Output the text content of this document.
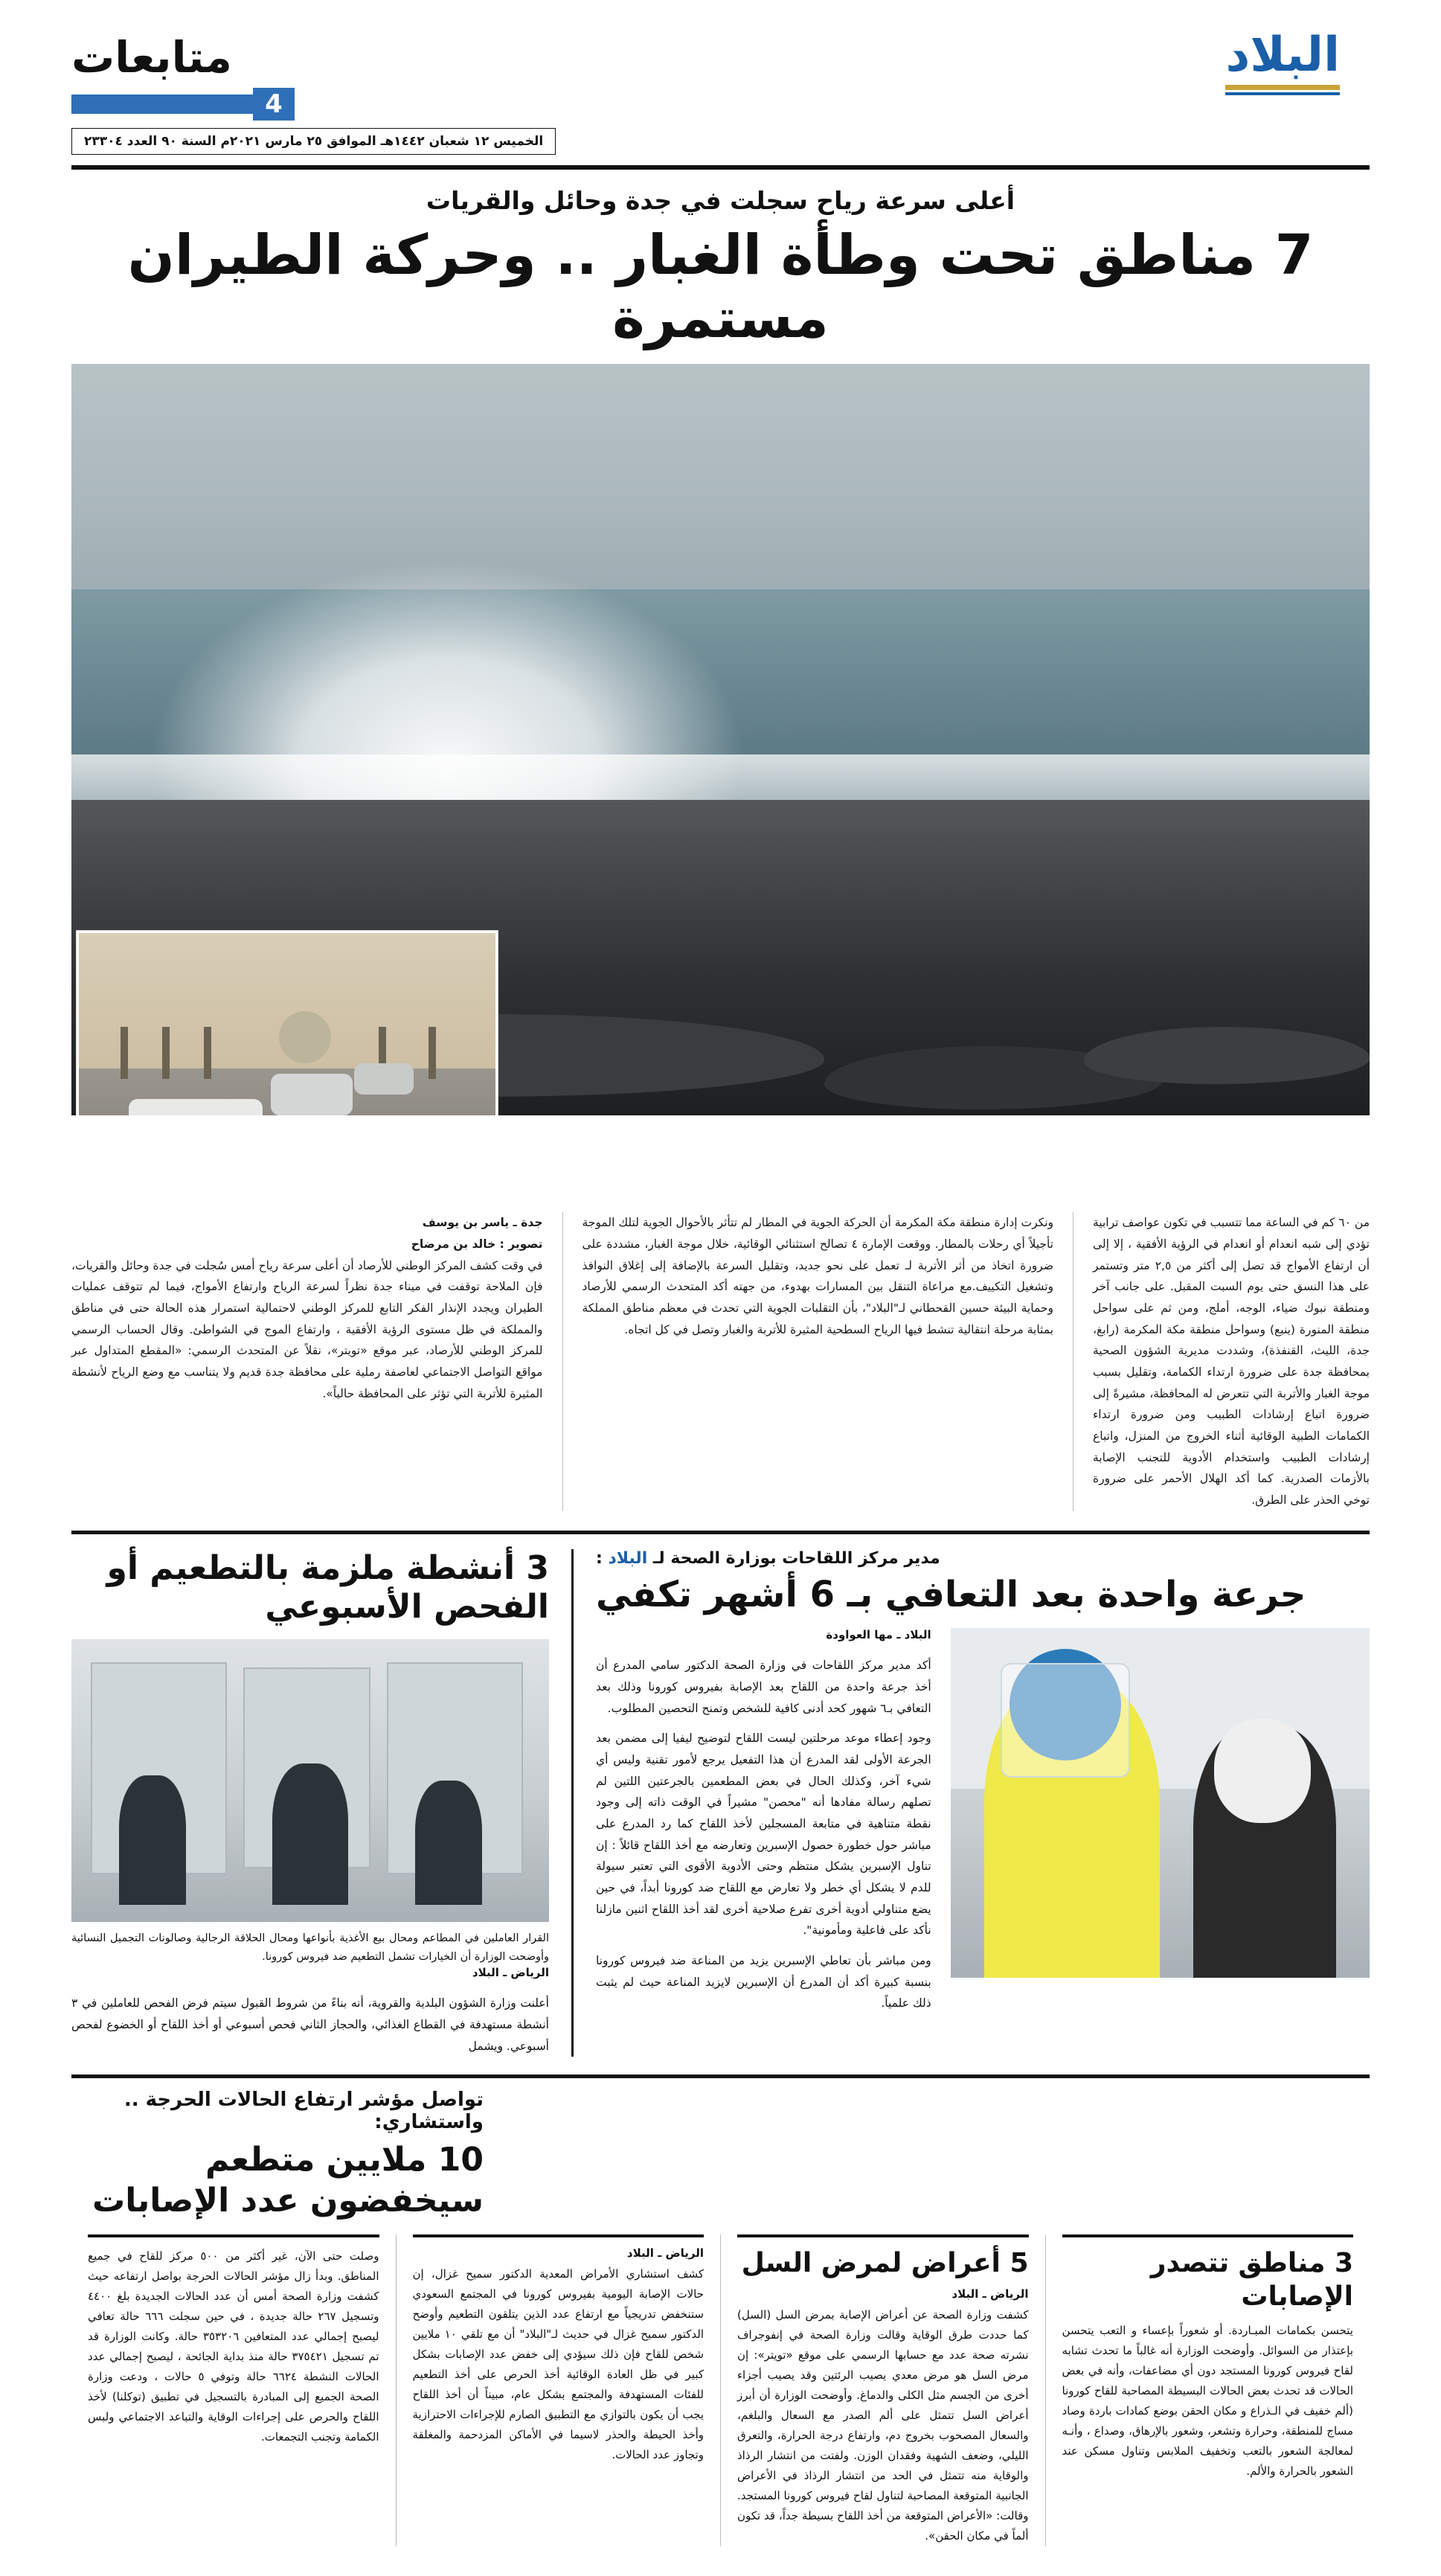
البلاد
متابعات
4
الخميس ١٢ شعبان ١٤٤٢هـ الموافق ٢٥ مارس ٢٠٢١م السنة ٩٠ العدد ٢٣٣٠٤
أعلى سرعة رياح سجلت في جدة وحائل والقريات
7 مناطق تحت وطأة الغبار .. وحركة الطيران مستمرة
من ٦٠ كم في الساعة مما تتسبب في تكون عواصف ترابية تؤدي إلى شبه انعدام أو انعدام في الرؤية الأفقية ، إلا إلى أن ارتفاع الأمواج قد تصل إلى أكثر من ٢,٥ متر وتستمر على هذا النسق حتى يوم السبت المقبل. على جانب آخر ومنطقة نبوك ضياء، الوجه، أملج، ومن ثم على سواحل منطقة المنورة (ينبع) وسواحل منطقة مكة المكرمة (رابغ، جدة، الليث، القنفذة)، وشددت مديرية الشؤون الصحية بمحافظة جدة على ضرورة ارتداء الكمامة، وتقليل بسبب موجة الغبار والأتربة التي تتعرض له المحافظة، مشيرةً إلى ضرورة اتباع إرشادات الطبيب ومن ضرورة ارتداء الكمامات الطبية الوقائية أثناء الخروج من المنزل، واتباع إرشادات الطبيب واستخدام الأدوية للتجنب الإصابة بالأزمات الصدرية. كما أكد الهلال الأحمر على ضرورة توخي الحذر على الطرق.
ونكرت إدارة منطقة مكة المكرمة أن الحركة الجوية في المطار لم تتأثر بالأحوال الجوية لتلك الموجة تأجيلاً أي رحلات بالمطار. ووقعت الإمارة ٤ تصالح استثنائي الوقائية، خلال موجة الغبار، مشددة على ضرورة اتخاذ من أثر الأتربة لـ تعمل على نحو جديد، وتقليل السرعة بالإضافة إلى إغلاق النوافذ وتشغيل التكييف.مع مراعاة التنقل بين المسارات بهدوء، من جهته أكد المتحدث الرسمي للأرصاد وحماية البيئة حسين القحطاني لـ"البلاد"، بأن التقلبات الجوية التي تحدث في معظم مناطق المملكة بمثابة مرحلة انتقالية تنشط فيها الرياح السطحية المثيرة للأتربة والغبار وتصل في كل اتجاه.
جدة ـ ياسر بن يوسف
تصوير : خالد بن مرضاح
في وقت كشف المركز الوطني للأرصاد أن أعلى سرعة رياح أمس سُجلت في جدة وحائل والقريات، فإن الملاحة توقفت في ميناء جدة نظراً لسرعة الرياح وارتفاع الأمواج، فيما لم تتوقف عمليات الطيران ويجدد الإنذار الفكر التابع للمركز الوطني لاحتمالية استمرار هذه الحالة حتى في مناطق والمملكة في ظل مستوى الرؤية الأفقية ، وارتفاع الموج في الشواطئ. وقال الحساب الرسمي للمركز الوطني للأرصاد، عبر موقع «تويتر»، نقلاً عن المتحدث الرسمي: «المقطع المتداول عبر مواقع التواصل الاجتماعي لعاصفة رملية على محافظة جدة قديم ولا يتناسب مع وضع الرياح لأنشطة المثيرة للأتربة التي تؤثر على المحافظة حالياً».
مدير مركز اللقاحات بوزارة الصحة لـ البلاد :
جرعة واحدة بعد التعافي بـ 6 أشهر تكفي
البلاد ـ مها العواودة
أكد مدير مركز اللقاحات في وزارة الصحة الدكتور سامي المدرع أن أخذ جرعة واحدة من اللقاح بعد الإصابة بفيروس كورونا وذلك بعد التعافي بـ٦ شهور كحد أدنى كافية للشخص وتمنح التحصين المطلوب.
وجود إعطاء موعد مرحلتين ليست اللقاح لتوضيح ليفيا إلى مضمن بعد الجرعة الأولى لقد المدرع أن هذا التفعيل يرجع لأمور تقنية وليس أي شيء آخر، وكذلك الحال في بعض المطعمين بالجرعتين اللتين لم تصلهم رسالة مفادها أنه "محصن" مشيراً في الوقت ذاته إلى وجود نقطة متناهية في متابعة المسجلين لأخذ اللقاح كما رد المدرع على مباشر حول خطورة حصول الإسبرين وتعارضه مع أخذ اللقاح قائلاً : إن تناول الإسبرين يشكل منتظم وحتى الأدوية الأقوى التي تعتبر سيولة للدم لا يشكل أي خطر ولا تعارض مع اللقاح ضد كورونا أبداً، في حين يضع متناولي أدوية أخرى تفرع صلاحية أخرى لقد أخذ اللقاح اثنين مازلنا نأكد على فاعلية ومأمونية".
ومن مباشر بأن تعاطي الإسبرين يزيد من المناعة ضد فيروس كورونا بنسبة كبيرة أكد أن المدرع أن الإسبرين لايزيد المناعة حيث لم يثبت ذلك علمياً.
3 أنشطة ملزمة بالتطعيم أو الفحص الأسبوعي
القرار العاملين في المطاعم ومحال بيع الأغذية بأنواعها ومحال الحلاقة الرجالية وصالونات التجميل النسائية وأوضحت الوزارة أن الخيارات تشمل التطعيم ضد فيروس كورونا.
الرياض ـ البلاد
أعلنت وزارة الشؤون البلدية والقروية، أنه بناءً من شروط القبول سيتم فرض الفحص للعاملين في ٣ أنشطة مستهدفة في القطاع الغذائي، والحجاز الثاني فحص أسبوعي أو أخذ اللقاح أو الخضوع لفحص أسبوعي. ويشمل
تواصل مؤشر ارتفاع الحالات الحرجة .. واستشاري:
10 ملايين متطعم سيخفضون عدد الإصابات
3 مناطق تتصدر الإصابات
يتحسن بكمامات المبـاردة. أو شعوراً بإعساء و التعب يتحسن بإعتذار من السوائل. وأوضحت الوزارة أنه غالباً ما تحدث تشابه لقاح فيروس كورونا المستجد دون أي مضاعفات، وأنه في بعض الحالات قد تحدث بعض الحالات البسيطة المصاحبة للقاح كورونا (ألم خفيف في الـذراع و مكان الحقن بوضع كمادات باردة وصاد مساج للمنطقة، وحرارة وتشعر، وشعور بالإرهاق، وصداع ، وأنـه لمعالجة الشعور بالتعب وتخفيف الملابس وتناول مسكن عند الشعور بالحرارة والألم.
5 أعراض لمرض السل
الرياض ـ البلاد
كشفت وزارة الصحة عن أعراض الإصابة بمرض السل (السل) كما حددت طرق الوقاية وقالت وزارة الصحة في إنفوجراف نشرته صحة عدد مع حسابها الرسمي على موقع «تويتر»: إن مرض السل هو مرض معدي يصيب الرئتين وقد يصيب أجزاء أخرى من الجسم مثل الكلى والدماغ. وأوضحت الوزارة أن أبرز أعراض السل تتمثل على ألم الصدر مع السعال والبلغم، والسعال المصحوب بخروج دم، وارتفاع درجة الحرارة، والتعرق الليلي، وضعف الشهية وفقدان الوزن. ولفتت من انتشار الرذاذ والوقاية منه تتمثل في الحد من انتشار الرذاذ في الأعراض الجانبية المتوقعة المصاحبة لتناول لقاح فيروس كورونا المستجد. وقالت: «الأعراض المتوقعة من أخذ اللقاح بسيطة جداً، قد تكون ألماً في مكان الحقن».
الرياض ـ البلاد
كشف استشاري الأمراض المعدية الدكتور سميح غزال، إن حالات الإصابة اليومية بفيروس كورونا في المجتمع السعودي ستنخفض تدريجياً مع ارتفاع عدد الذين يتلقون التطعيم وأوضح الدكتور سميح غزال في حديث لـ"البلاد" أن مع تلقي ١٠ ملايين شخص للقاح فإن ذلك سيؤدي إلى خفض عدد الإصابات بشكل كبير في ظل العادة الوقائية أخذ الحرص على أخذ التطعيم للفئات المستهدفة والمجتمع بشكل عام، مبيناً أن أخذ اللقاح يجب أن يكون بالتوازي مع التطبيق الصارم للإجراءات الاحترازية وأخذ الحيطة والحذر لاسيما في الأماكن المزدحمة والمغلقة وتجاوز عدد الحالات.
وصلت حتى الآن، غير أكثر من ٥٠٠ مركز للقاح في جميع المناطق. وبدأ زال مؤشر الحالات الحرجة بواصل ارتفاعه حيث كشفت وزارة الصحة أمس أن عدد الحالات الجديدة بلغ ٤٤٠٠ وتسجيل ٢٦٧ حالة جديدة ، في حين سجلت ٦٦٦ حالة تعافي ليصبح إجمالي عدد المتعافين ٣٥٣٢٠٦ حالة. وكانت الوزارة قد تم تسجيل ٣٧٥٤٢١ حالة منذ بداية الجائحة ، ليصبح إجمالي عدد الحالات النشطة ٦٦٢٤ حالة وتوفي ٥ حالات ، ودعت وزارة الصحة الجميع إلى المبادرة بالتسجيل في تطبيق (توكلنا) لأخذ اللقاح والحرص على إجراءات الوقاية والتباعد الاجتماعي ولبس الكمامة وتجنب التجمعات.
